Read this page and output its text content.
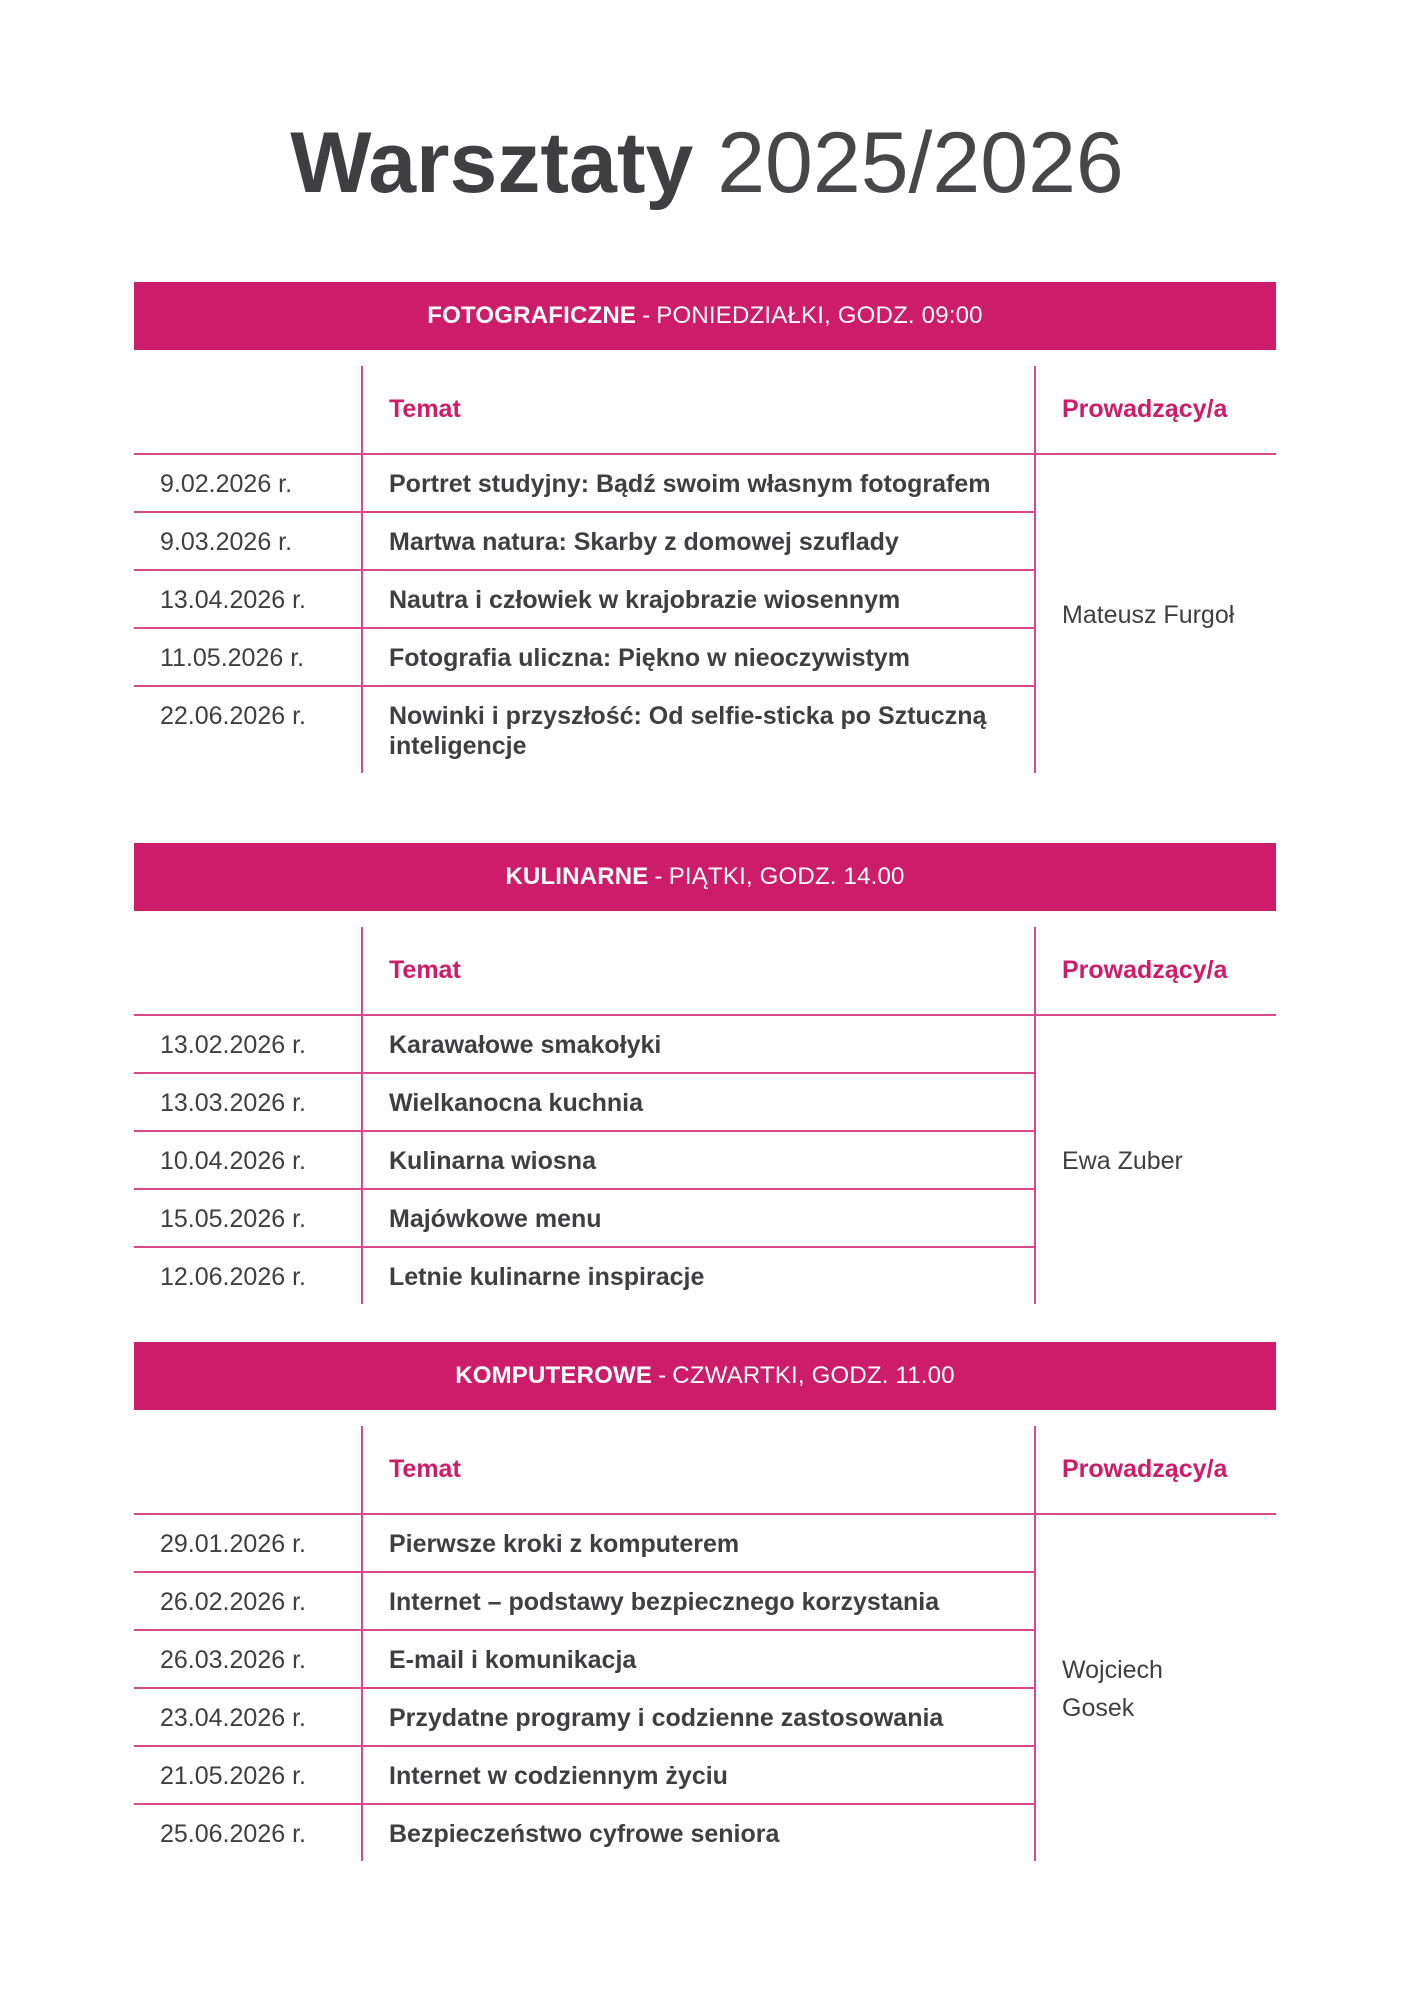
Warsztaty 2025/2026
FOTOGRAFICZNE - PONIEDZIAŁKI, GODZ. 09:00
	Temat	Prowadzący/a
9.02.2026 r.	Portret studyjny: Bądź swoim własnym fotografem	Mateusz Furgoł
9.03.2026 r.	Martwa natura: Skarby z domowej szuflady	
13.04.2026 r.	Nautra i człowiek w krajobrazie wiosennym	
11.05.2026 r.	Fotografia uliczna: Piękno w nieoczywistym	
22.06.2026 r.	Nowinki i przyszłość: Od selfie-sticka po Sztuczną inteligencje	
KULINARNE - PIĄTKI, GODZ. 14.00
	Temat	Prowadzący/a
13.02.2026 r.	Karawałowe smakołyki	Ewa Zuber
13.03.2026 r.	Wielkanocna kuchnia	
10.04.2026 r.	Kulinarna wiosna	
15.05.2026 r.	Majówkowe menu	
12.06.2026 r.	Letnie kulinarne inspiracje	
KOMPUTEROWE - CZWARTKI, GODZ. 11.00
	Temat	Prowadzący/a
29.01.2026 r.	Pierwsze kroki z komputerem	Wojciech Gosek
26.02.2026 r.	Internet – podstawy bezpiecznego korzystania	
26.03.2026 r.	E-mail i komunikacja	
23.04.2026 r.	Przydatne programy i codzienne zastosowania	
21.05.2026 r.	Internet w codziennym życiu	
25.06.2026 r.	Bezpieczeństwo cyfrowe seniora	
